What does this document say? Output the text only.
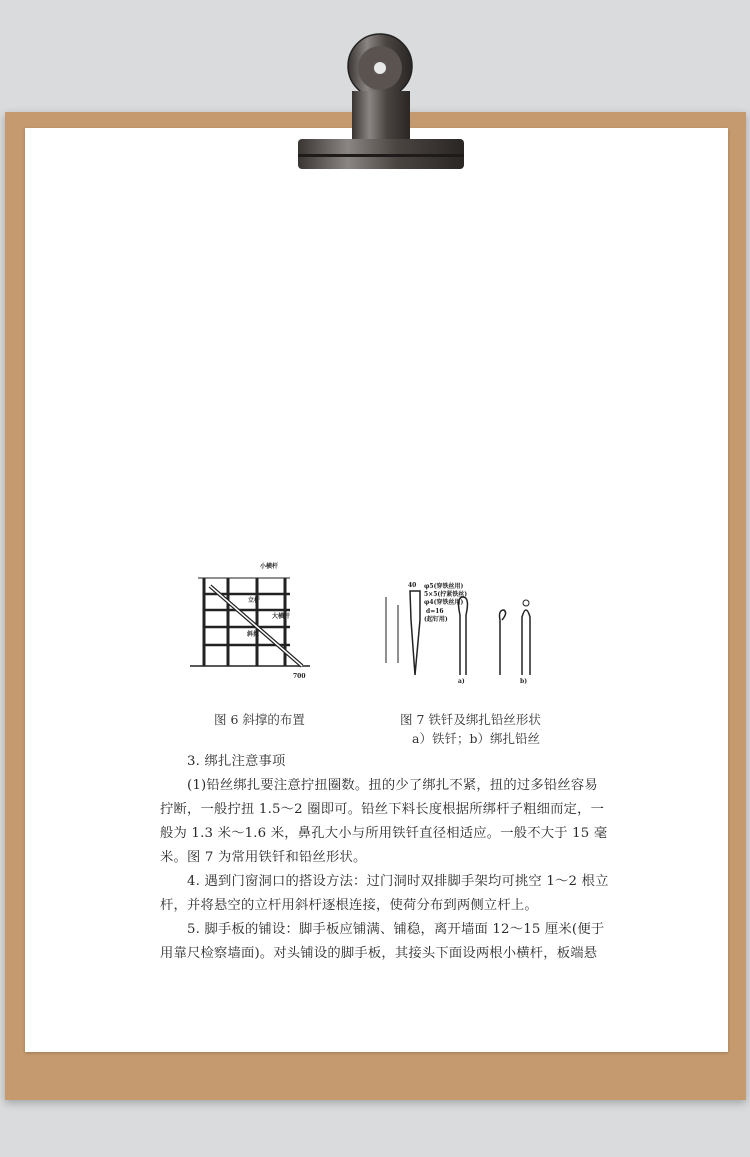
小横杆
立杆
大横杆
斜撑
700
40 φ5(穿铁丝用)
5×5(拧紧铁丝)
φ4(穿铁丝用)
d=16
(起钉用)
a)	b)
图 6 斜撑的布置	图 7 铁钎及绑扎铅丝形状
a）铁钎；b）绑扎铅丝
3. 绑扎注意事项
(1)铅丝绑扎要注意拧扭圈数。扭的少了绑扎不紧，扭的过多铅丝容易
拧断，一般拧扭 1.5～2 圈即可。铅丝下料长度根据所绑杆子粗细而定，一
般为 1.3 米～1.6 米，鼻孔大小与所用铁钎直径相适应。一般不大于 15 毫
米。图 7 为常用铁钎和铅丝形状。
4. 遇到门窗洞口的搭设方法：过门洞时双排脚手架均可挑空 1～2 根立
杆，并将悬空的立杆用斜杆逐根连接，使荷分布到两侧立杆上。
5. 脚手板的铺设：脚手板应铺满、铺稳，离开墙面 12～15 厘米(便于
用靠尺检察墙面)。对头铺设的脚手板，其接头下面设两根小横杆，板端悬
